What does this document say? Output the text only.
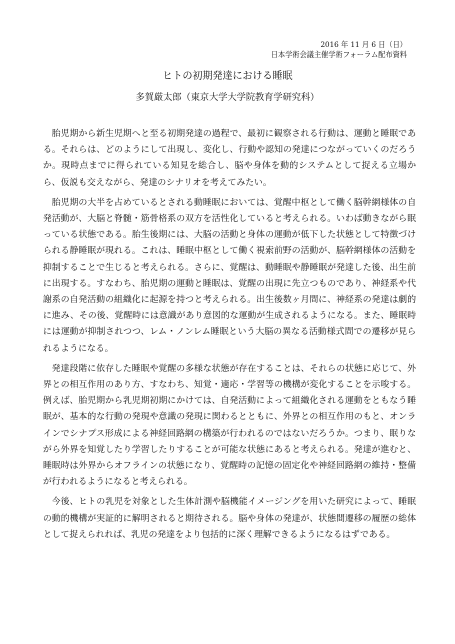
2016 年 11 月 6 日（日）
日本学術会議主催学術フォーラム配布資料
ヒトの初期発達における睡眠
多賀厳太郎（東京大学大学院教育学研究科）

胎児期から新生児期へと至る初期発達の過程で、最初に観察される行動は、運動と睡眠である。それらは、どのようにして出現し、変化し、行動や認知の発達につながっていくのだろうか。現時点までに得られている知見を総合し、脳や身体を動的システムとして捉える立場から、仮説も交えながら、発達のシナリオを考えてみたい。

胎児期の大半を占めているとされる動睡眠においては、覚醒中枢として働く脳幹網様体の自発活動が、大脳と脊髄・筋骨格系の双方を活性化していると考えられる。いわば動きながら眠っている状態である。胎生後期には、大脳の活動と身体の運動が低下した状態として特徴づけられる静睡眠が現れる。これは、睡眠中枢として働く視索前野の活動が、脳幹網様体の活動を抑制することで生じると考えられる。さらに、覚醒は、動睡眠や静睡眠が発達した後、出生前に出現する。すなわち、胎児期の運動と睡眠は、覚醒の出現に先立つものであり、神経系や代謝系の自発活動の組織化に起源を持つと考えられる。出生後数ヶ月間に、神経系の発達は劇的に進み、その後、覚醒時には意識があり意図的な運動が生成されるようになる。また、睡眠時には運動が抑制されつつ、レム・ノンレム睡眠という大脳の異なる活動様式間での遷移が見られるようになる。

発達段階に依存した睡眠や覚醒の多様な状態が存在することは、それらの状態に応じて、外界との相互作用のあり方、すなわち、知覚・適応・学習等の機構が変化することを示唆する。例えば、胎児期から乳児期初期にかけては、自発活動によって組織化される運動をともなう睡眠が、基本的な行動の発現や意識の発現に関わるとともに、外界との相互作用のもと、オンラインでシナプス形成による神経回路網の構築が行われるのではないだろうか。つまり、眠りながら外界を知覚したり学習したりすることが可能な状態にあると考えられる。発達が進むと、睡眠時は外界からオフラインの状態になり、覚醒時の記憶の固定化や神経回路網の維持・整備が行われるようになると考えられる。

今後、ヒトの乳児を対象とした生体計測や脳機能イメージングを用いた研究によって、睡眠の動的機構が実証的に解明されると期待される。脳や身体の発達が、状態間遷移の履歴の総体として捉えられれば、乳児の発達をより包括的に深く理解できるようになるはずである。
